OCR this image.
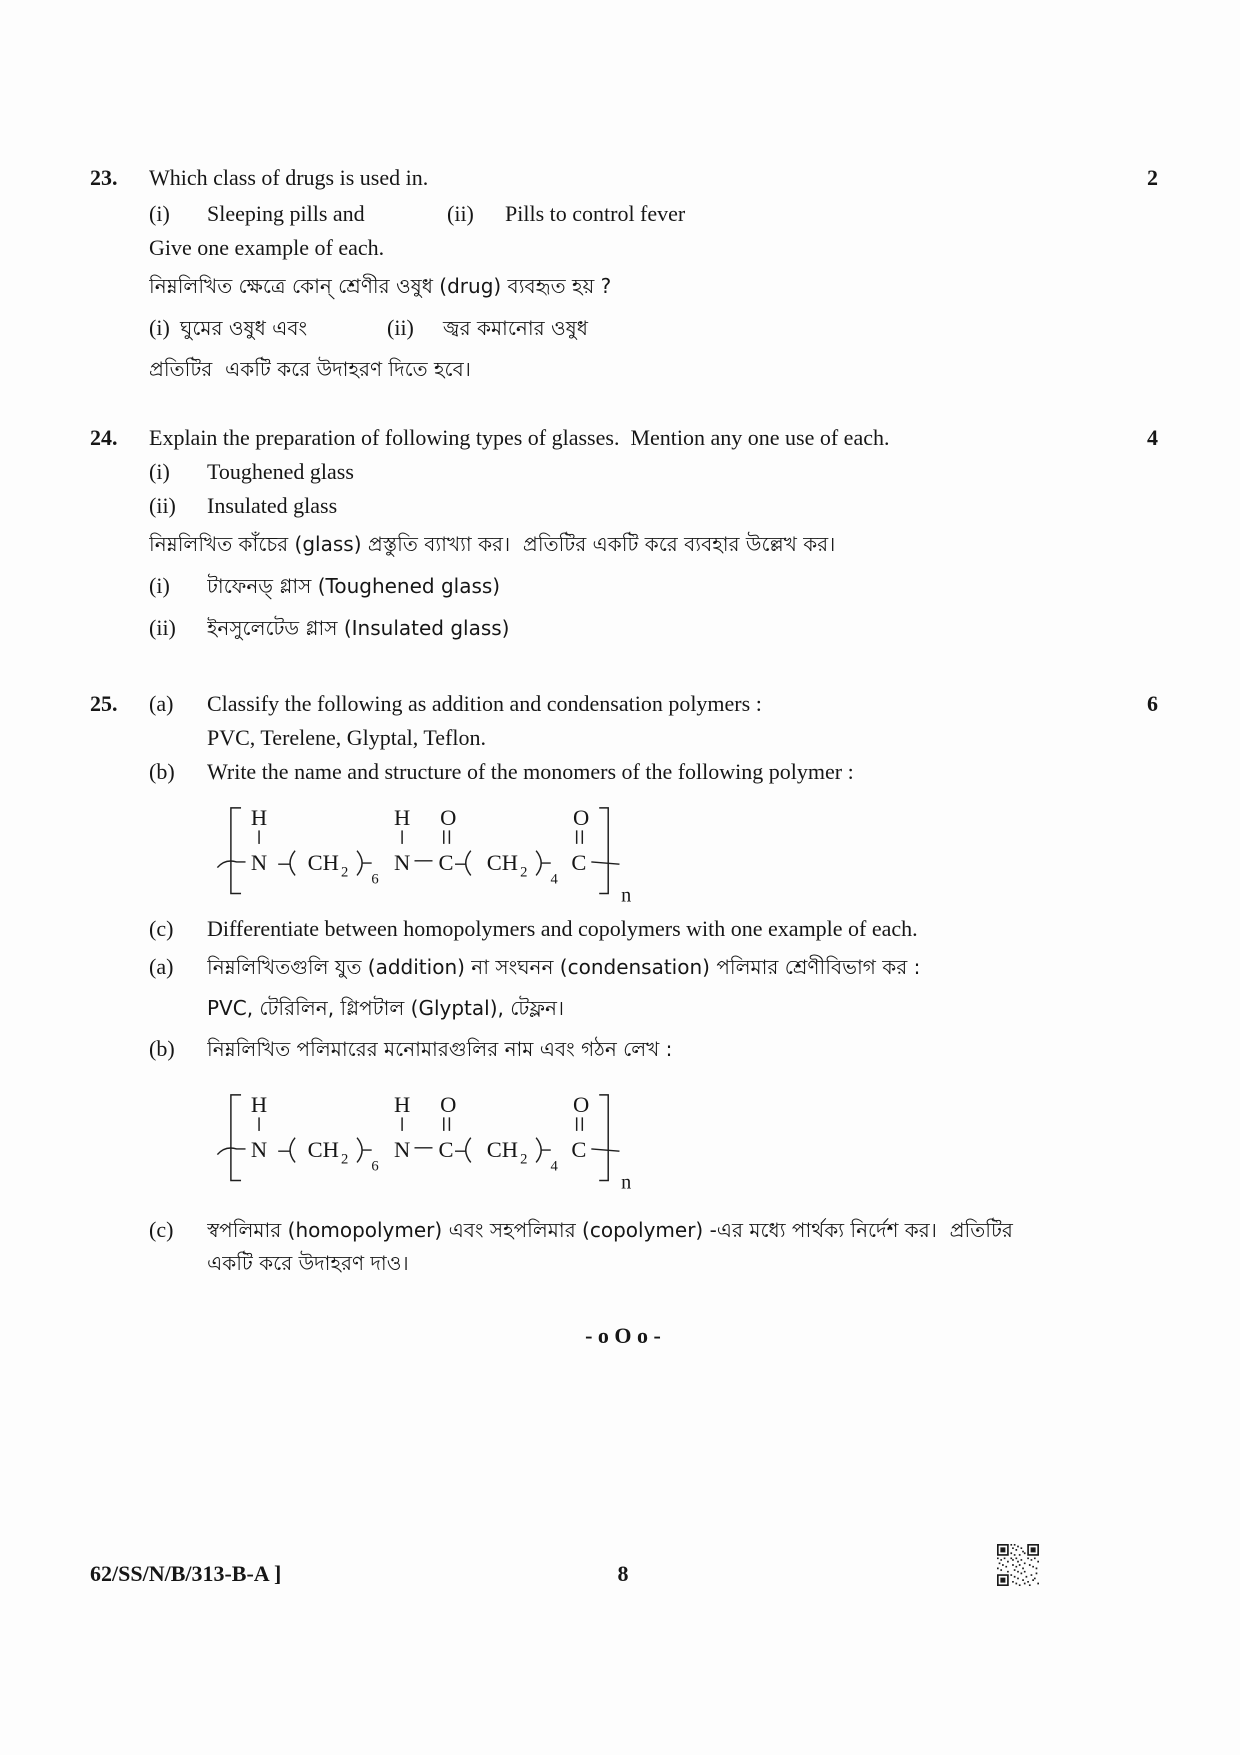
23. Which class of drugs is used in.	2
(i) Sleeping pills and	(ii) Pills to control fever
Give one example of each.
নিম্নলিখিত ক্ষেত্রে কোন্ শ্রেণীর ওষুধ (drug) ব্যবহৃত হয় ?
(i) ঘুমের ওষুধ এবং	(ii) জ্বর কমানোর ওষুধ
প্রতিটির  একটি করে উদাহরণ দিতে হবে।
24. Explain the preparation of following types of glasses.  Mention any one use of each.	4
(i) Toughened glass
(ii) Insulated glass
নিম্নলিখিত কাঁচের (glass) প্রস্তুতি ব্যাখ্যা কর।  প্রতিটির একটি করে ব্যবহার উল্লেখ কর।
(i) টাফেনড্ গ্লাস (Toughened glass)
(ii) ইনসুলেটেড গ্লাস (Insulated glass)
25. (a) Classify the following as addition and condensation polymers :	6
PVC, Terelene, Glyptal, Teflon.
(b) Write the name and structure of the monomers of the following polymer :
H
N CH 2 6
H
N
O
C CH 2 4
O
C
n
(c) Differentiate between homopolymers and copolymers with one example of each.
(a) নিম্নলিখিতগুলি যুত (addition) না সংঘনন (condensation) পলিমার শ্রেণীবিভাগ কর :
PVC, টেরিলিন, গ্লিপটাল (Glyptal), টেফ্লন।
(b) নিম্নলিখিত পলিমারের মনোমারগুলির নাম এবং গঠন লেখ :
H
N CH 2 6
H
N
O
C CH 2 4
O
C
n
(c) স্বপলিমার (homopolymer) এবং সহপলিমার (copolymer) -এর মধ্যে পার্থক্য নির্দেশ কর।  প্রতিটির
একটি করে উদাহরণ দাও।
- o O o -
62/SS/N/B/313-B-A ]	8
